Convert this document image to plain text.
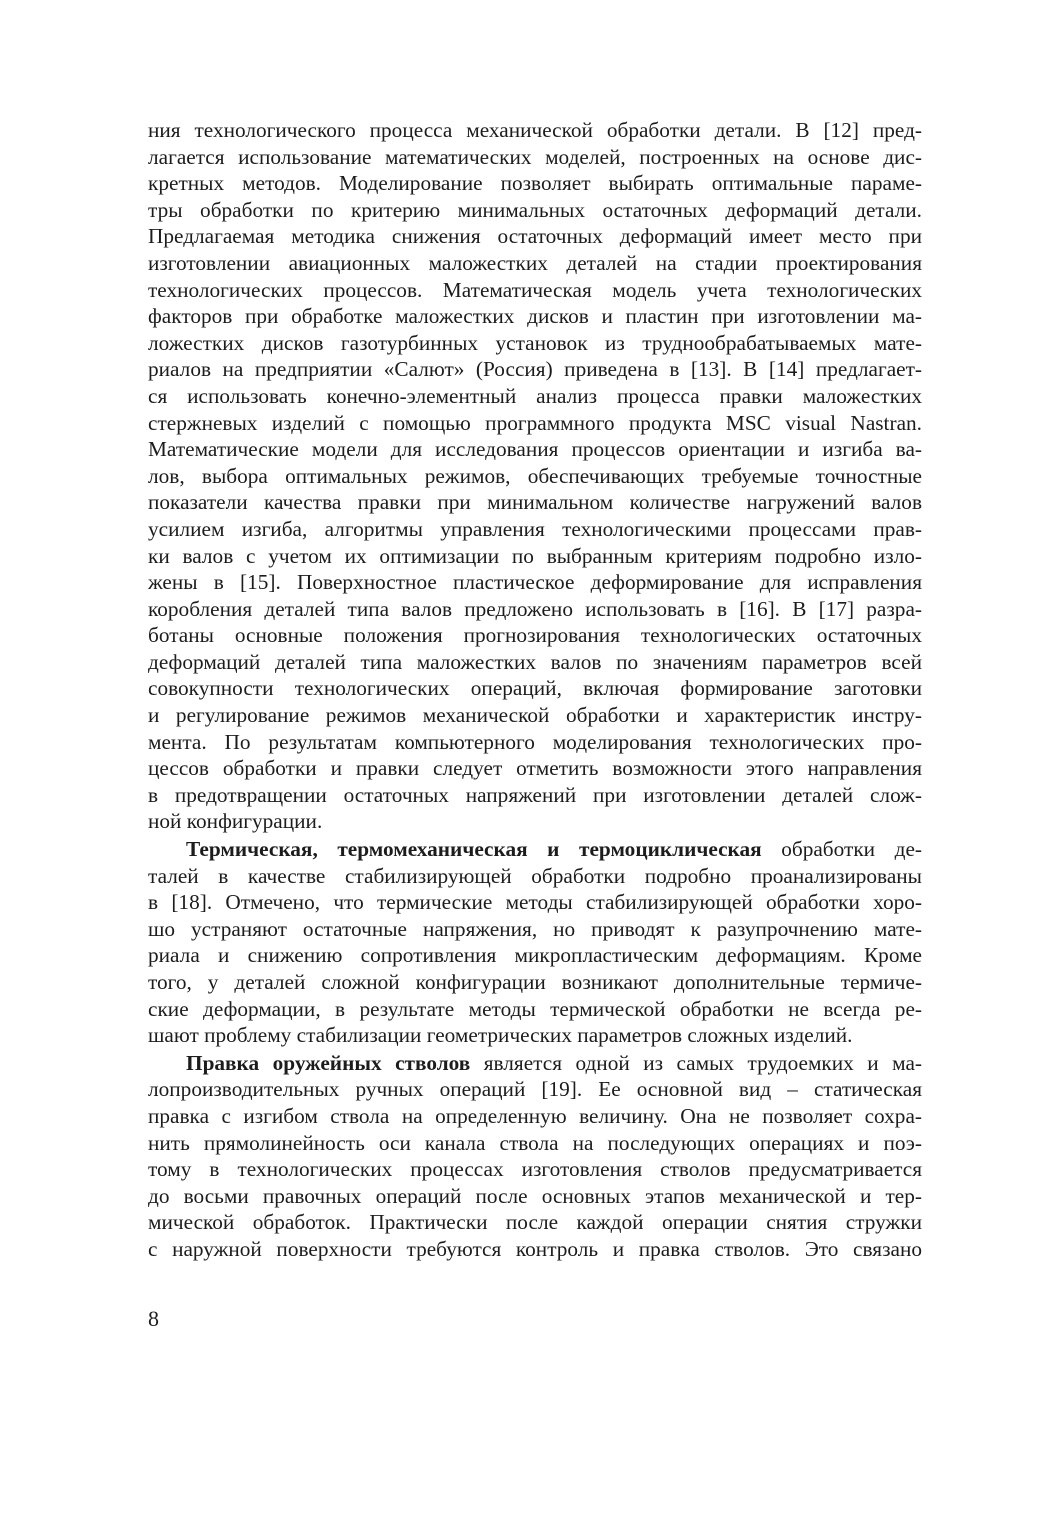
ния технологического процесса механической обработки детали. В [12] пред-
лагается использование математических моделей, построенных на основе дис-
кретных методов. Моделирование позволяет выбирать оптимальные параме-
тры обработки по критерию минимальных остаточных деформаций детали.
Предлагаемая методика снижения остаточных деформаций имеет место при
изготовлении авиационных маложестких деталей на стадии проектирования
технологических процессов. Математическая модель учета технологических
факторов при обработке маложестких дисков и пластин при изготовлении ма-
ложестких дисков газотурбинных установок из труднообрабатываемых мате-
риалов на предприятии «Салют» (Россия) приведена в [13]. В [14] предлагает-
ся использовать конечно-элементный анализ процесса правки маложестких
стержневых изделий с помощью программного продукта MSC visual Nastran.
Математические модели для исследования процессов ориентации и изгиба ва-
лов, выбора оптимальных режимов, обеспечивающих требуемые точностные
показатели качества правки при минимальном количестве нагружений валов
усилием изгиба, алгоритмы управления технологическими процессами прав-
ки валов с учетом их оптимизации по выбранным критериям подробно изло-
жены в [15]. Поверхностное пластическое деформирование для исправления
коробления деталей типа валов предложено использовать в [16]. В [17] разра-
ботаны основные положения прогнозирования технологических остаточных
деформаций деталей типа маложестких валов по значениям параметров всей
совокупности технологических операций, включая формирование заготовки
и регулирование режимов механической обработки и характеристик инстру-
мента. По результатам компьютерного моделирования технологических про-
цессов обработки и правки следует отметить возможности этого направления
в предотвращении остаточных напряжений при изготовлении деталей слож-
ной конфигурации.
Термическая, термомеханическая и термоциклическая обработки де-
талей в качестве стабилизирующей обработки подробно проанализированы
в [18]. Отмечено, что термические методы стабилизирующей обработки хоро-
шо устраняют остаточные напряжения, но приводят к разупрочнению мате-
риала и снижению сопротивления микропластическим деформациям. Кроме
того, у деталей сложной конфигурации возникают дополнительные термиче-
ские деформации, в результате методы термической обработки не всегда ре-
шают проблему стабилизации геометрических параметров сложных изделий.
Правка оружейных стволов является одной из самых трудоемких и ма-
лопроизводительных ручных операций [19]. Ее основной вид – статическая
правка с изгибом ствола на определенную величину. Она не позволяет сохра-
нить прямолинейность оси канала ствола на последующих операциях и поэ-
тому в технологических процессах изготовления стволов предусматривается
до восьми правочных операций после основных этапов механической и тер-
мической обработок. Практически после каждой операции снятия стружки
с наружной поверхности требуются контроль и правка стволов. Это связано
8
